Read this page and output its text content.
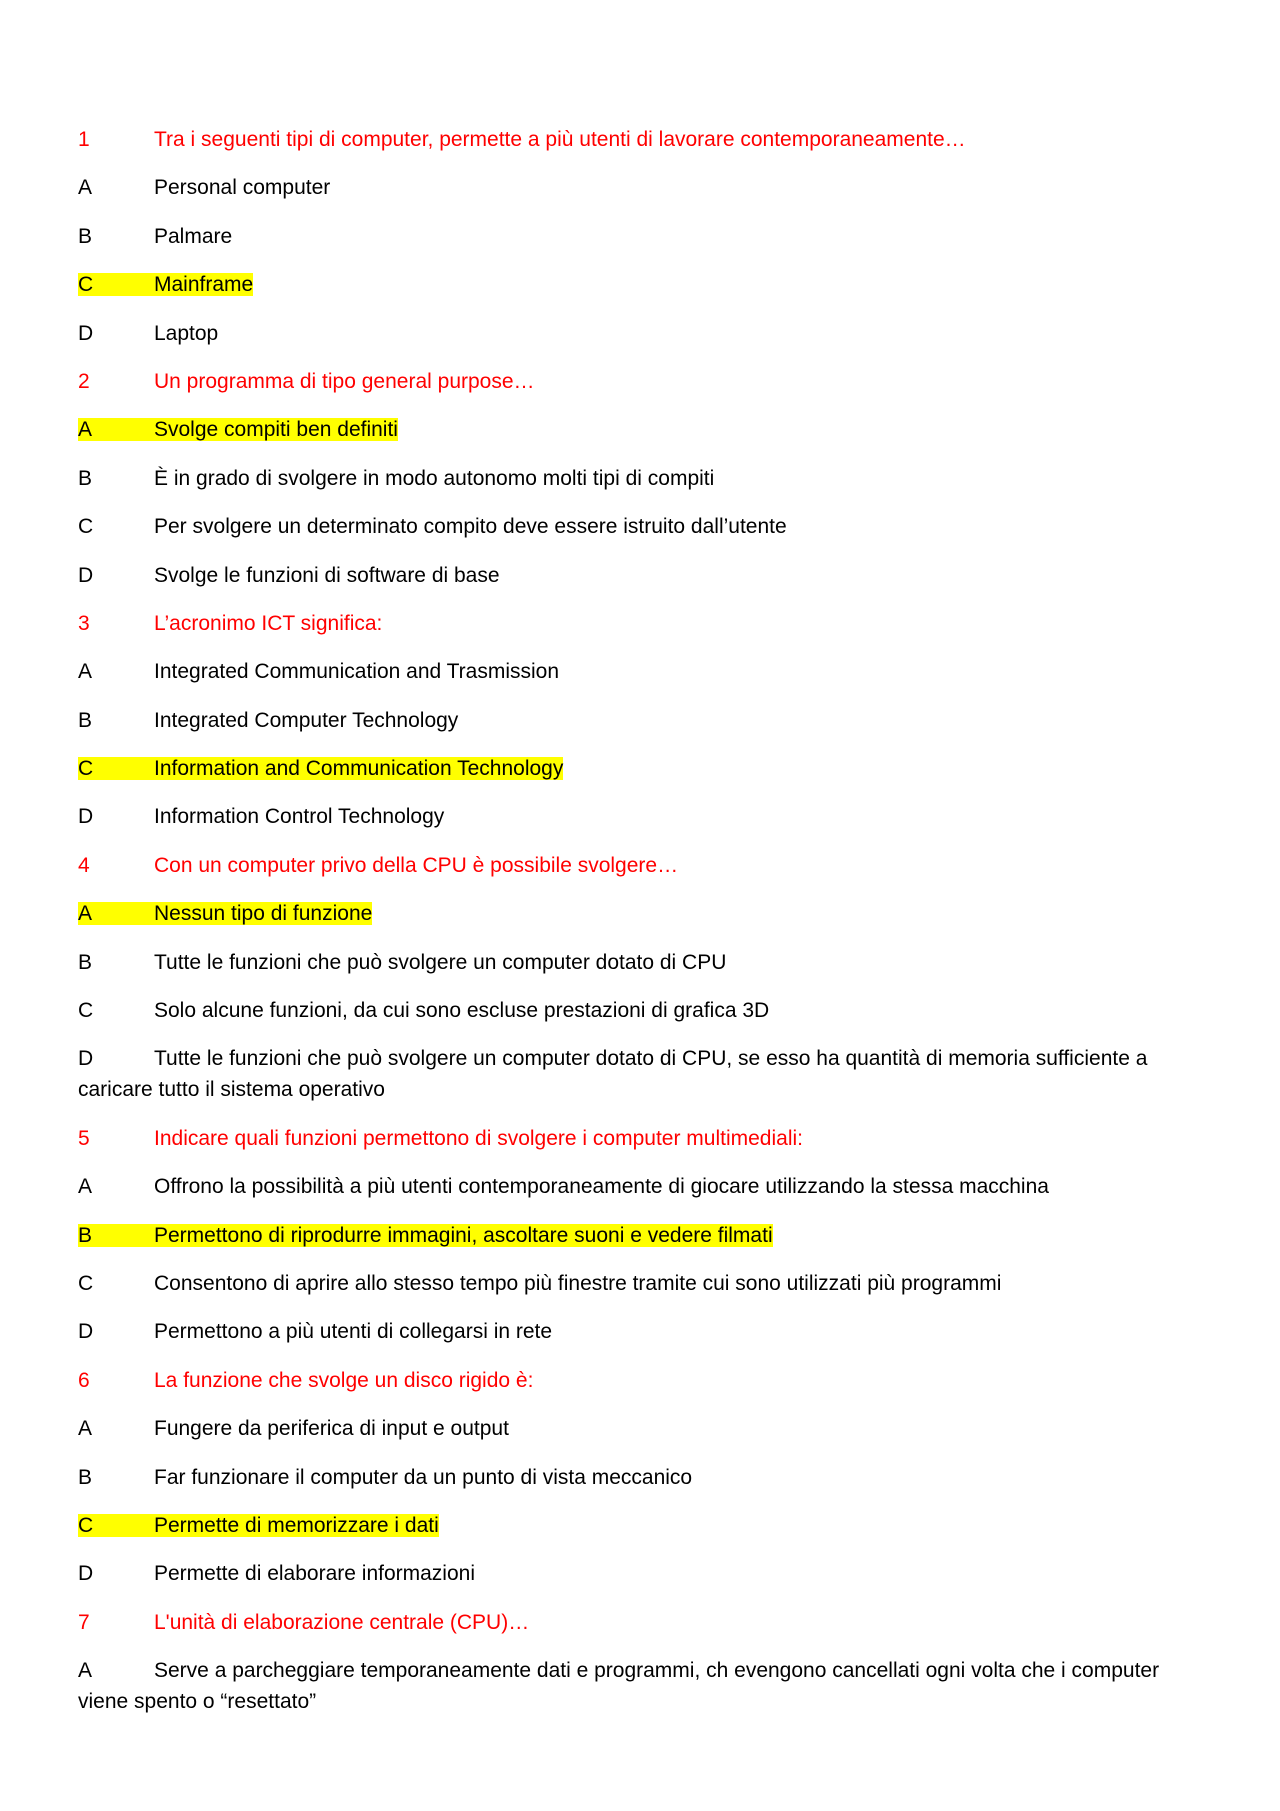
1	Tra i seguenti tipi di computer, permette a più utenti di lavorare contemporaneamente…
A	Personal computer
B	Palmare
C	Mainframe
D	Laptop
2	Un programma di tipo general purpose…
A	Svolge compiti ben definiti
B	È in grado di svolgere in modo autonomo molti tipi di compiti
C	Per svolgere un determinato compito deve essere istruito dall’utente
D	Svolge le funzioni di software di base
3	L’acronimo ICT significa:
A	Integrated Communication and Trasmission
B	Integrated Computer Technology
C	Information and Communication Technology
D	Information Control Technology
4	Con un computer privo della CPU è possibile svolgere…
A	Nessun tipo di funzione
B	Tutte le funzioni che può svolgere un computer dotato di CPU
C	Solo alcune funzioni, da cui sono escluse prestazioni di grafica 3D
D	Tutte le funzioni che può svolgere un computer dotato di CPU, se esso ha quantità di memoria sufficiente a caricare tutto il sistema operativo
5	Indicare quali funzioni permettono di svolgere i computer multimediali:
A	Offrono la possibilità a più utenti contemporaneamente di giocare utilizzando la stessa macchina
B	Permettono di riprodurre immagini, ascoltare suoni e vedere filmati
C	Consentono di aprire allo stesso tempo più finestre tramite cui sono utilizzati più programmi
D	Permettono a più utenti di collegarsi in rete
6	La funzione che svolge un disco rigido è:
A	Fungere da periferica di input e output
B	Far funzionare il computer da un punto di vista meccanico
C	Permette di memorizzare i dati
D	Permette di elaborare informazioni
7	L'unità di elaborazione centrale (CPU)…
A	Serve a parcheggiare temporaneamente dati e programmi, ch evengono cancellati ogni volta che i computer viene spento o “resettato”
